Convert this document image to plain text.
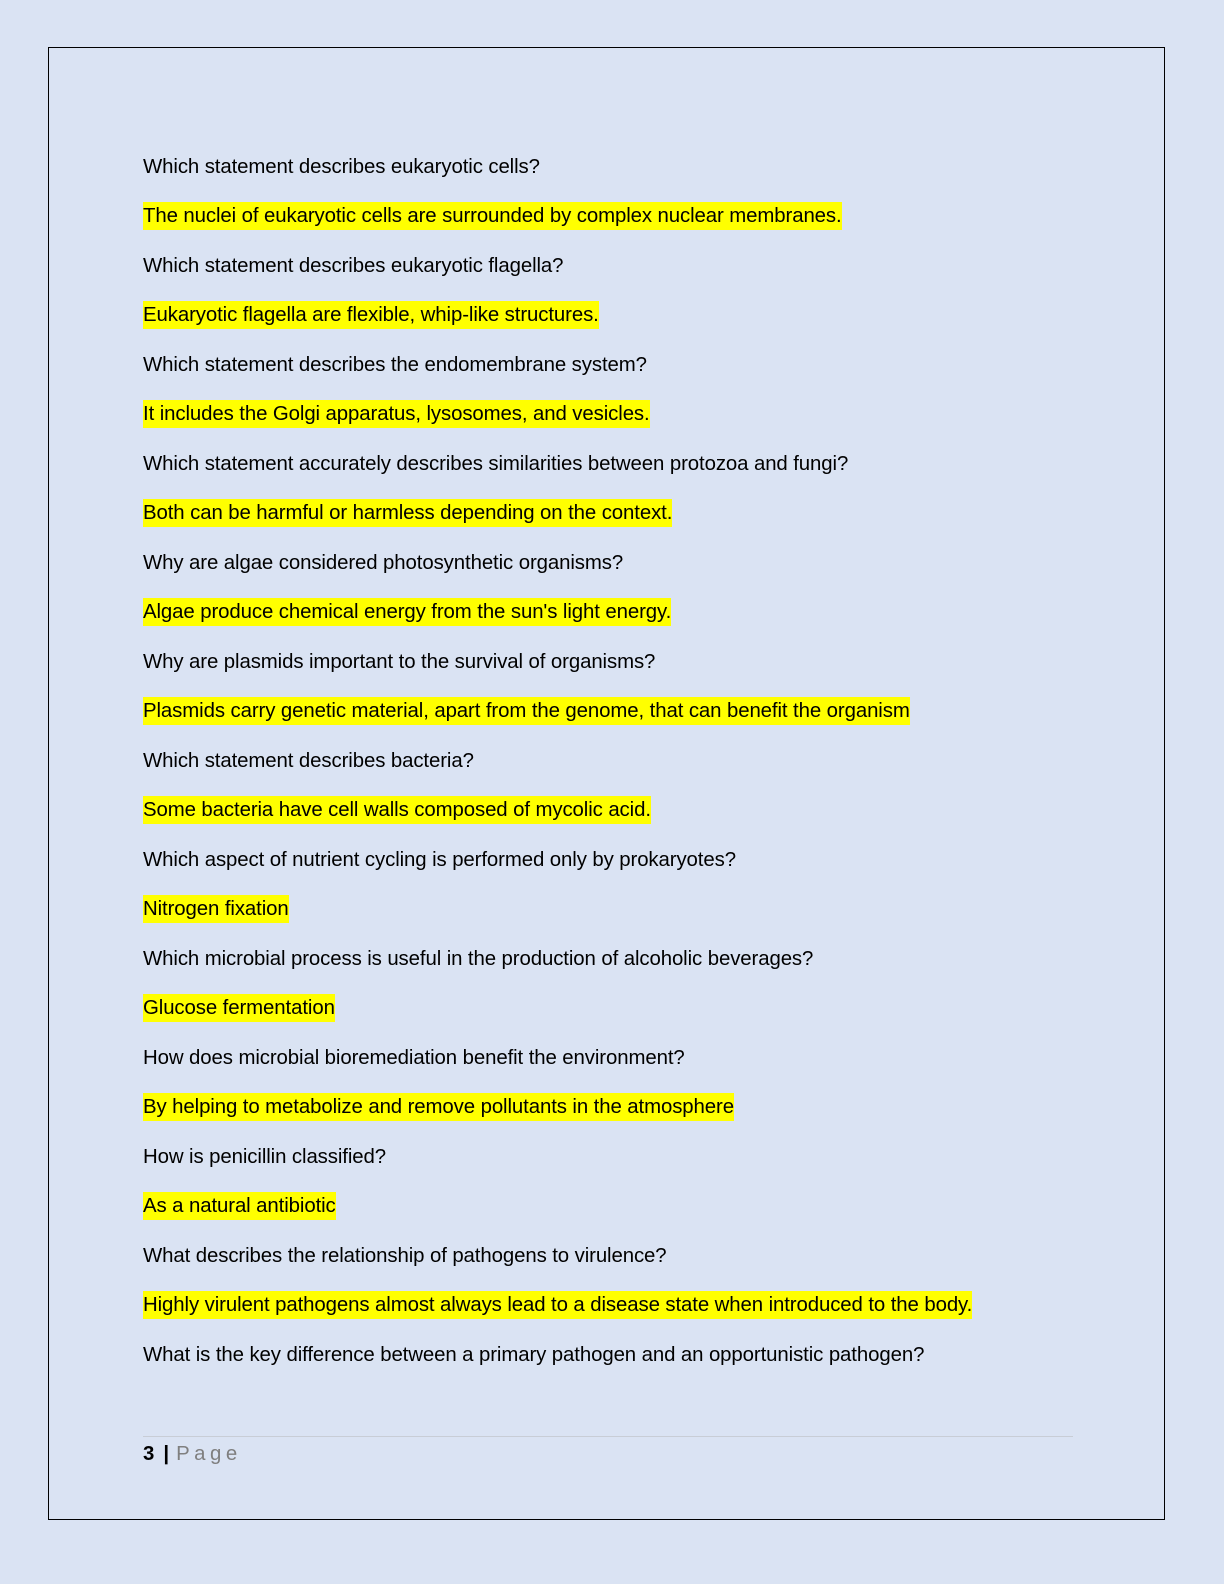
Which statement describes eukaryotic cells?
The nuclei of eukaryotic cells are surrounded by complex nuclear membranes.
Which statement describes eukaryotic flagella?
Eukaryotic flagella are flexible, whip-like structures.
Which statement describes the endomembrane system?
It includes the Golgi apparatus, lysosomes, and vesicles.
Which statement accurately describes similarities between protozoa and fungi?
Both can be harmful or harmless depending on the context.
Why are algae considered photosynthetic organisms?
Algae produce chemical energy from the sun's light energy.
Why are plasmids important to the survival of organisms?
Plasmids carry genetic material, apart from the genome, that can benefit the organism
Which statement describes bacteria?
Some bacteria have cell walls composed of mycolic acid.
Which aspect of nutrient cycling is performed only by prokaryotes?
Nitrogen fixation
Which microbial process is useful in the production of alcoholic beverages?
Glucose fermentation
How does microbial bioremediation benefit the environment?
By helping to metabolize and remove pollutants in the atmosphere
How is penicillin classified?
As a natural antibiotic
What describes the relationship of pathogens to virulence?
Highly virulent pathogens almost always lead to a disease state when introduced to the body.
What is the key difference between a primary pathogen and an opportunistic pathogen?
3 | Page
